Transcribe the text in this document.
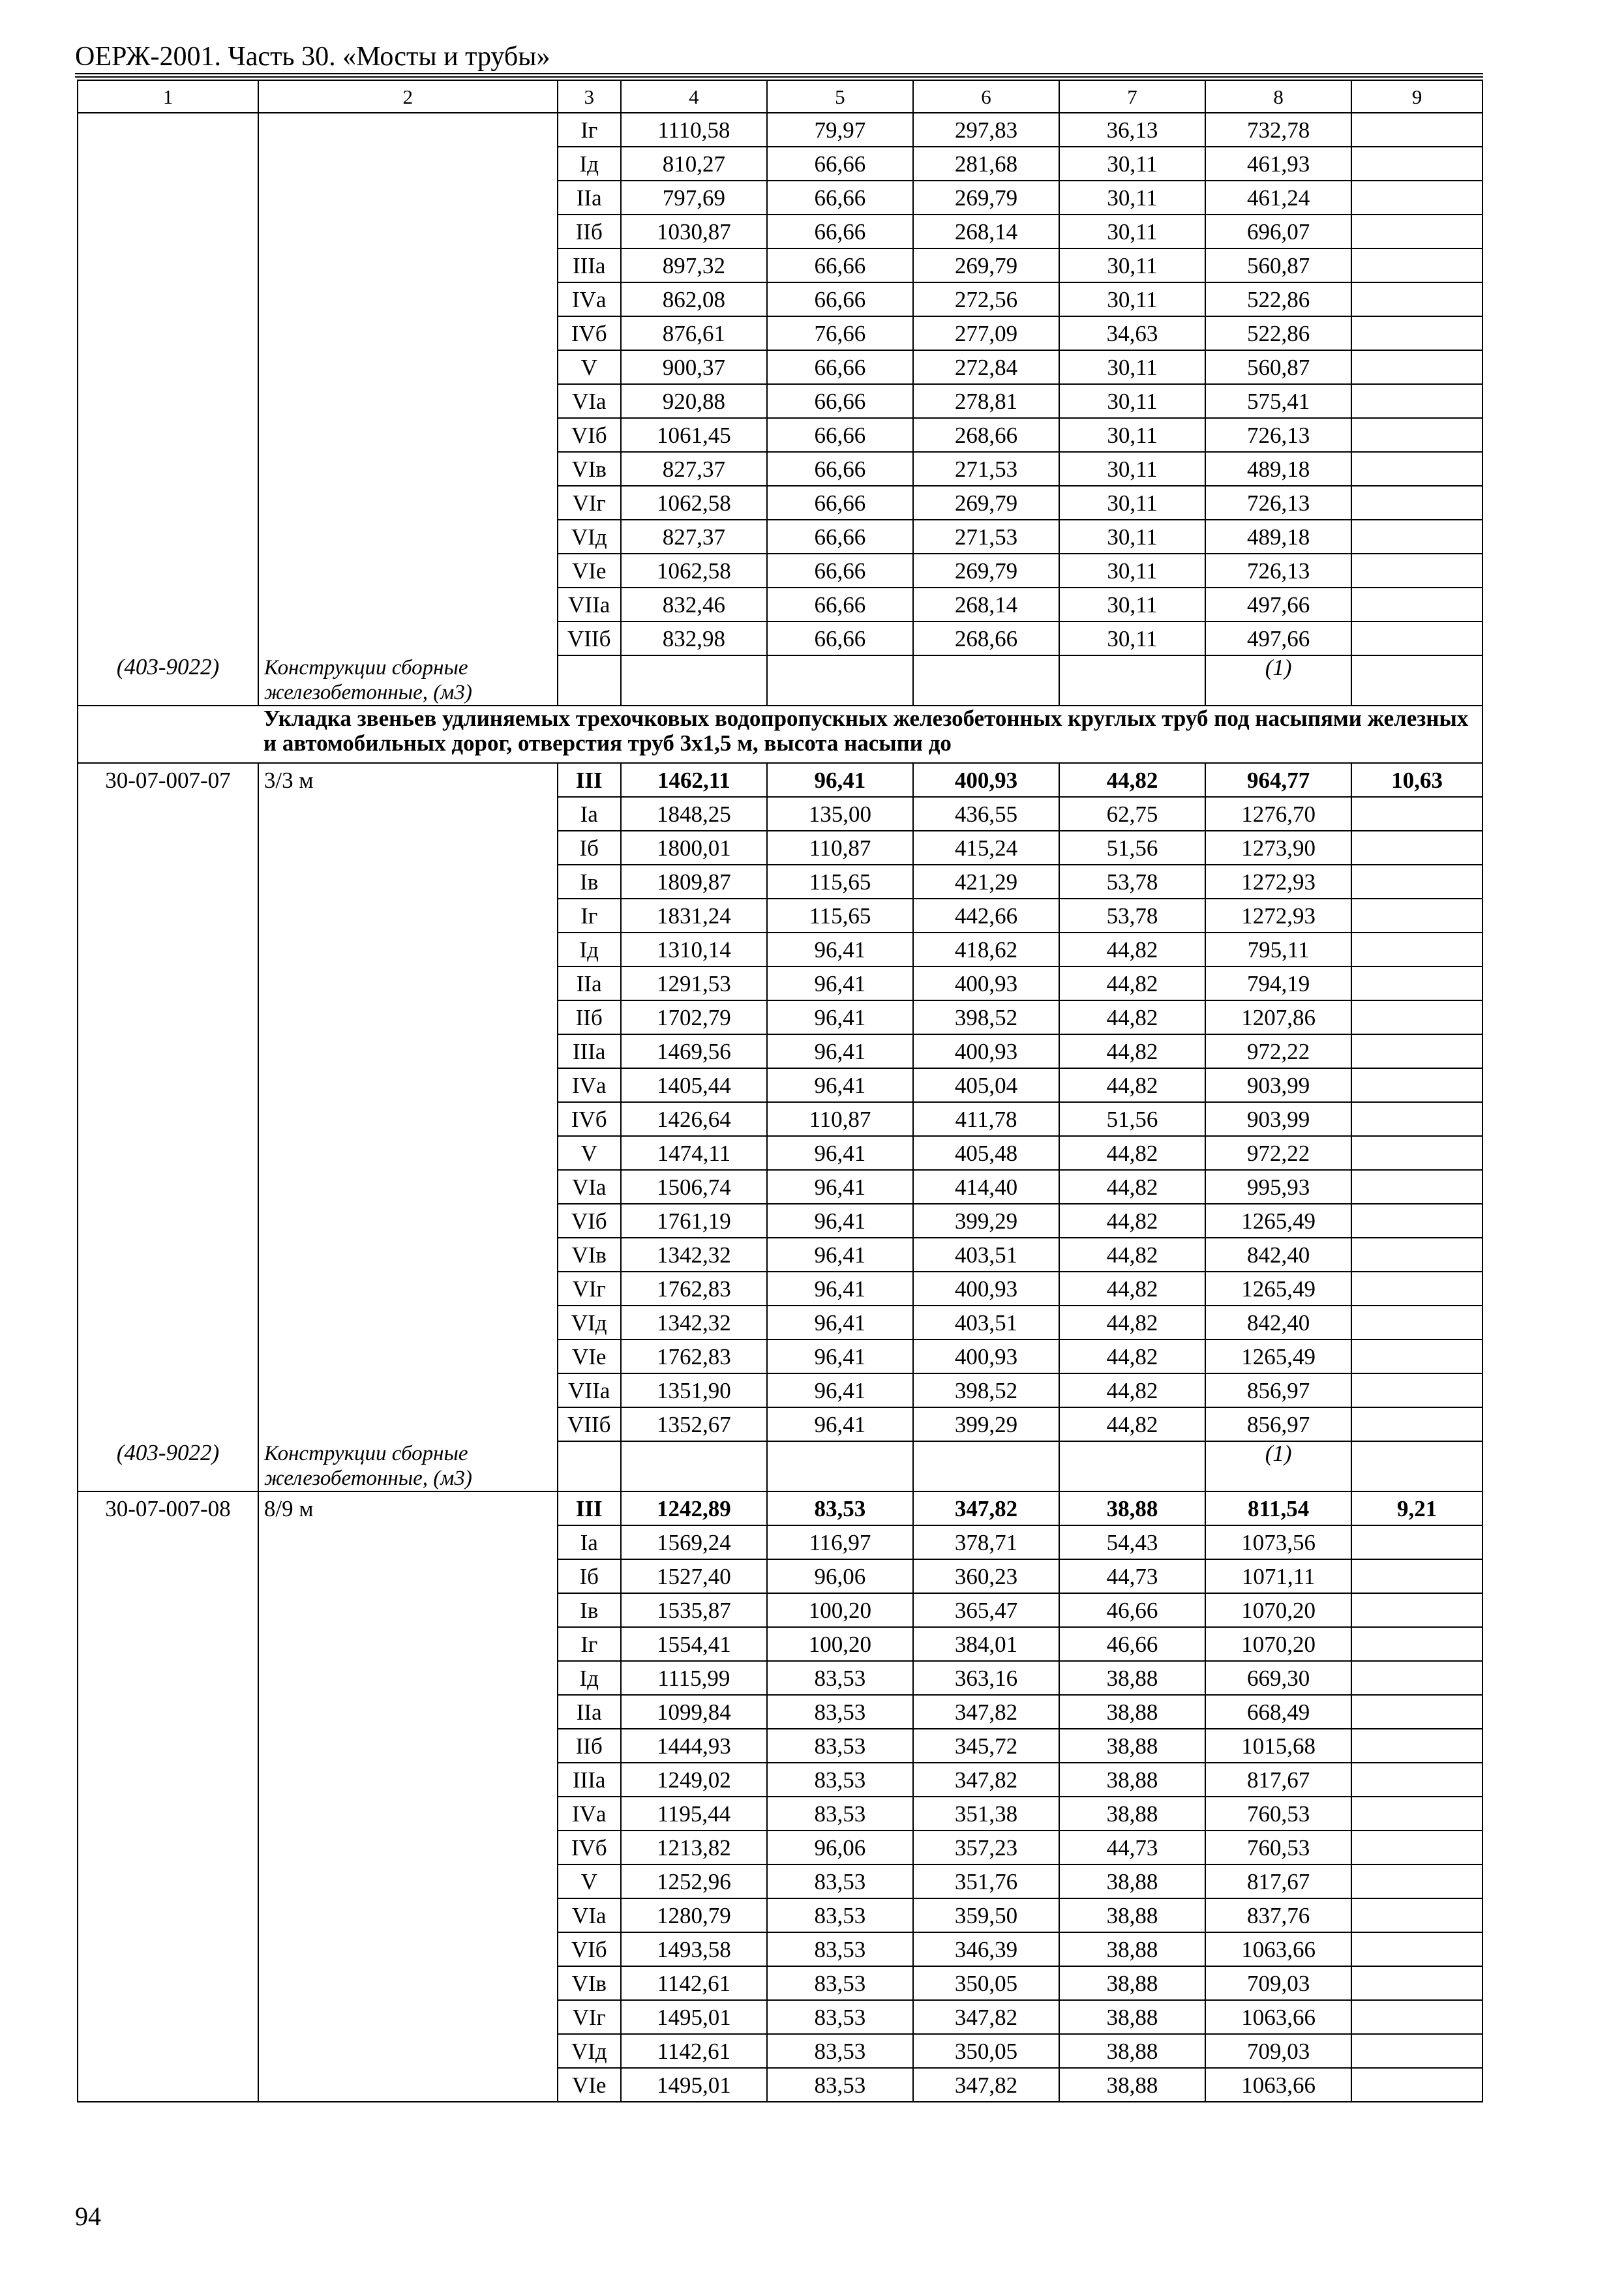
ОЕРЖ-2001. Часть 30. «Мосты и трубы»
1	2	3	4	5	6	7	8	9
		Iг	1110,58	79,97	297,83	36,13	732,78	
		Iд	810,27	66,66	281,68	30,11	461,93	
		IIа	797,69	66,66	269,79	30,11	461,24	
		IIб	1030,87	66,66	268,14	30,11	696,07	
		IIIа	897,32	66,66	269,79	30,11	560,87	
		IVа	862,08	66,66	272,56	30,11	522,86	
		IVб	876,61	76,66	277,09	34,63	522,86	
		V	900,37	66,66	272,84	30,11	560,87	
		VIа	920,88	66,66	278,81	30,11	575,41	
		VIб	1061,45	66,66	268,66	30,11	726,13	
		VIв	827,37	66,66	271,53	30,11	489,18	
		VIг	1062,58	66,66	269,79	30,11	726,13	
		VIд	827,37	66,66	271,53	30,11	489,18	
		VIе	1062,58	66,66	269,79	30,11	726,13	
		VIIа	832,46	66,66	268,14	30,11	497,66	
		VIIб	832,98	66,66	268,66	30,11	497,66	
(403-9022)	Конструкции сборные железобетонные, (м3)						(1)	
	Укладка звеньев удлиняемых трехочковых водопропускных железобетонных круглых труб под насыпями железных и автомобильных дорог, отверстия труб 3х1,5 м, высота насыпи до							
30-07-007-07	3/3 м	III	1462,11	96,41	400,93	44,82	964,77	10,63
		Iа	1848,25	135,00	436,55	62,75	1276,70	
		Iб	1800,01	110,87	415,24	51,56	1273,90	
		Iв	1809,87	115,65	421,29	53,78	1272,93	
		Iг	1831,24	115,65	442,66	53,78	1272,93	
		Iд	1310,14	96,41	418,62	44,82	795,11	
		IIа	1291,53	96,41	400,93	44,82	794,19	
		IIб	1702,79	96,41	398,52	44,82	1207,86	
		IIIа	1469,56	96,41	400,93	44,82	972,22	
		IVа	1405,44	96,41	405,04	44,82	903,99	
		IVб	1426,64	110,87	411,78	51,56	903,99	
		V	1474,11	96,41	405,48	44,82	972,22	
		VIа	1506,74	96,41	414,40	44,82	995,93	
		VIб	1761,19	96,41	399,29	44,82	1265,49	
		VIв	1342,32	96,41	403,51	44,82	842,40	
		VIг	1762,83	96,41	400,93	44,82	1265,49	
		VIд	1342,32	96,41	403,51	44,82	842,40	
		VIе	1762,83	96,41	400,93	44,82	1265,49	
		VIIа	1351,90	96,41	398,52	44,82	856,97	
		VIIб	1352,67	96,41	399,29	44,82	856,97	
(403-9022)	Конструкции сборные железобетонные, (м3)						(1)	
30-07-007-08	8/9 м	III	1242,89	83,53	347,82	38,88	811,54	9,21
		Iа	1569,24	116,97	378,71	54,43	1073,56	
		Iб	1527,40	96,06	360,23	44,73	1071,11	
		Iв	1535,87	100,20	365,47	46,66	1070,20	
		Iг	1554,41	100,20	384,01	46,66	1070,20	
		Iд	1115,99	83,53	363,16	38,88	669,30	
		IIа	1099,84	83,53	347,82	38,88	668,49	
		IIб	1444,93	83,53	345,72	38,88	1015,68	
		IIIа	1249,02	83,53	347,82	38,88	817,67	
		IVа	1195,44	83,53	351,38	38,88	760,53	
		IVб	1213,82	96,06	357,23	44,73	760,53	
		V	1252,96	83,53	351,76	38,88	817,67	
		VIа	1280,79	83,53	359,50	38,88	837,76	
		VIб	1493,58	83,53	346,39	38,88	1063,66	
		VIв	1142,61	83,53	350,05	38,88	709,03	
		VIг	1495,01	83,53	347,82	38,88	1063,66	
		VIд	1142,61	83,53	350,05	38,88	709,03	
		VIе	1495,01	83,53	347,82	38,88	1063,66	
94
